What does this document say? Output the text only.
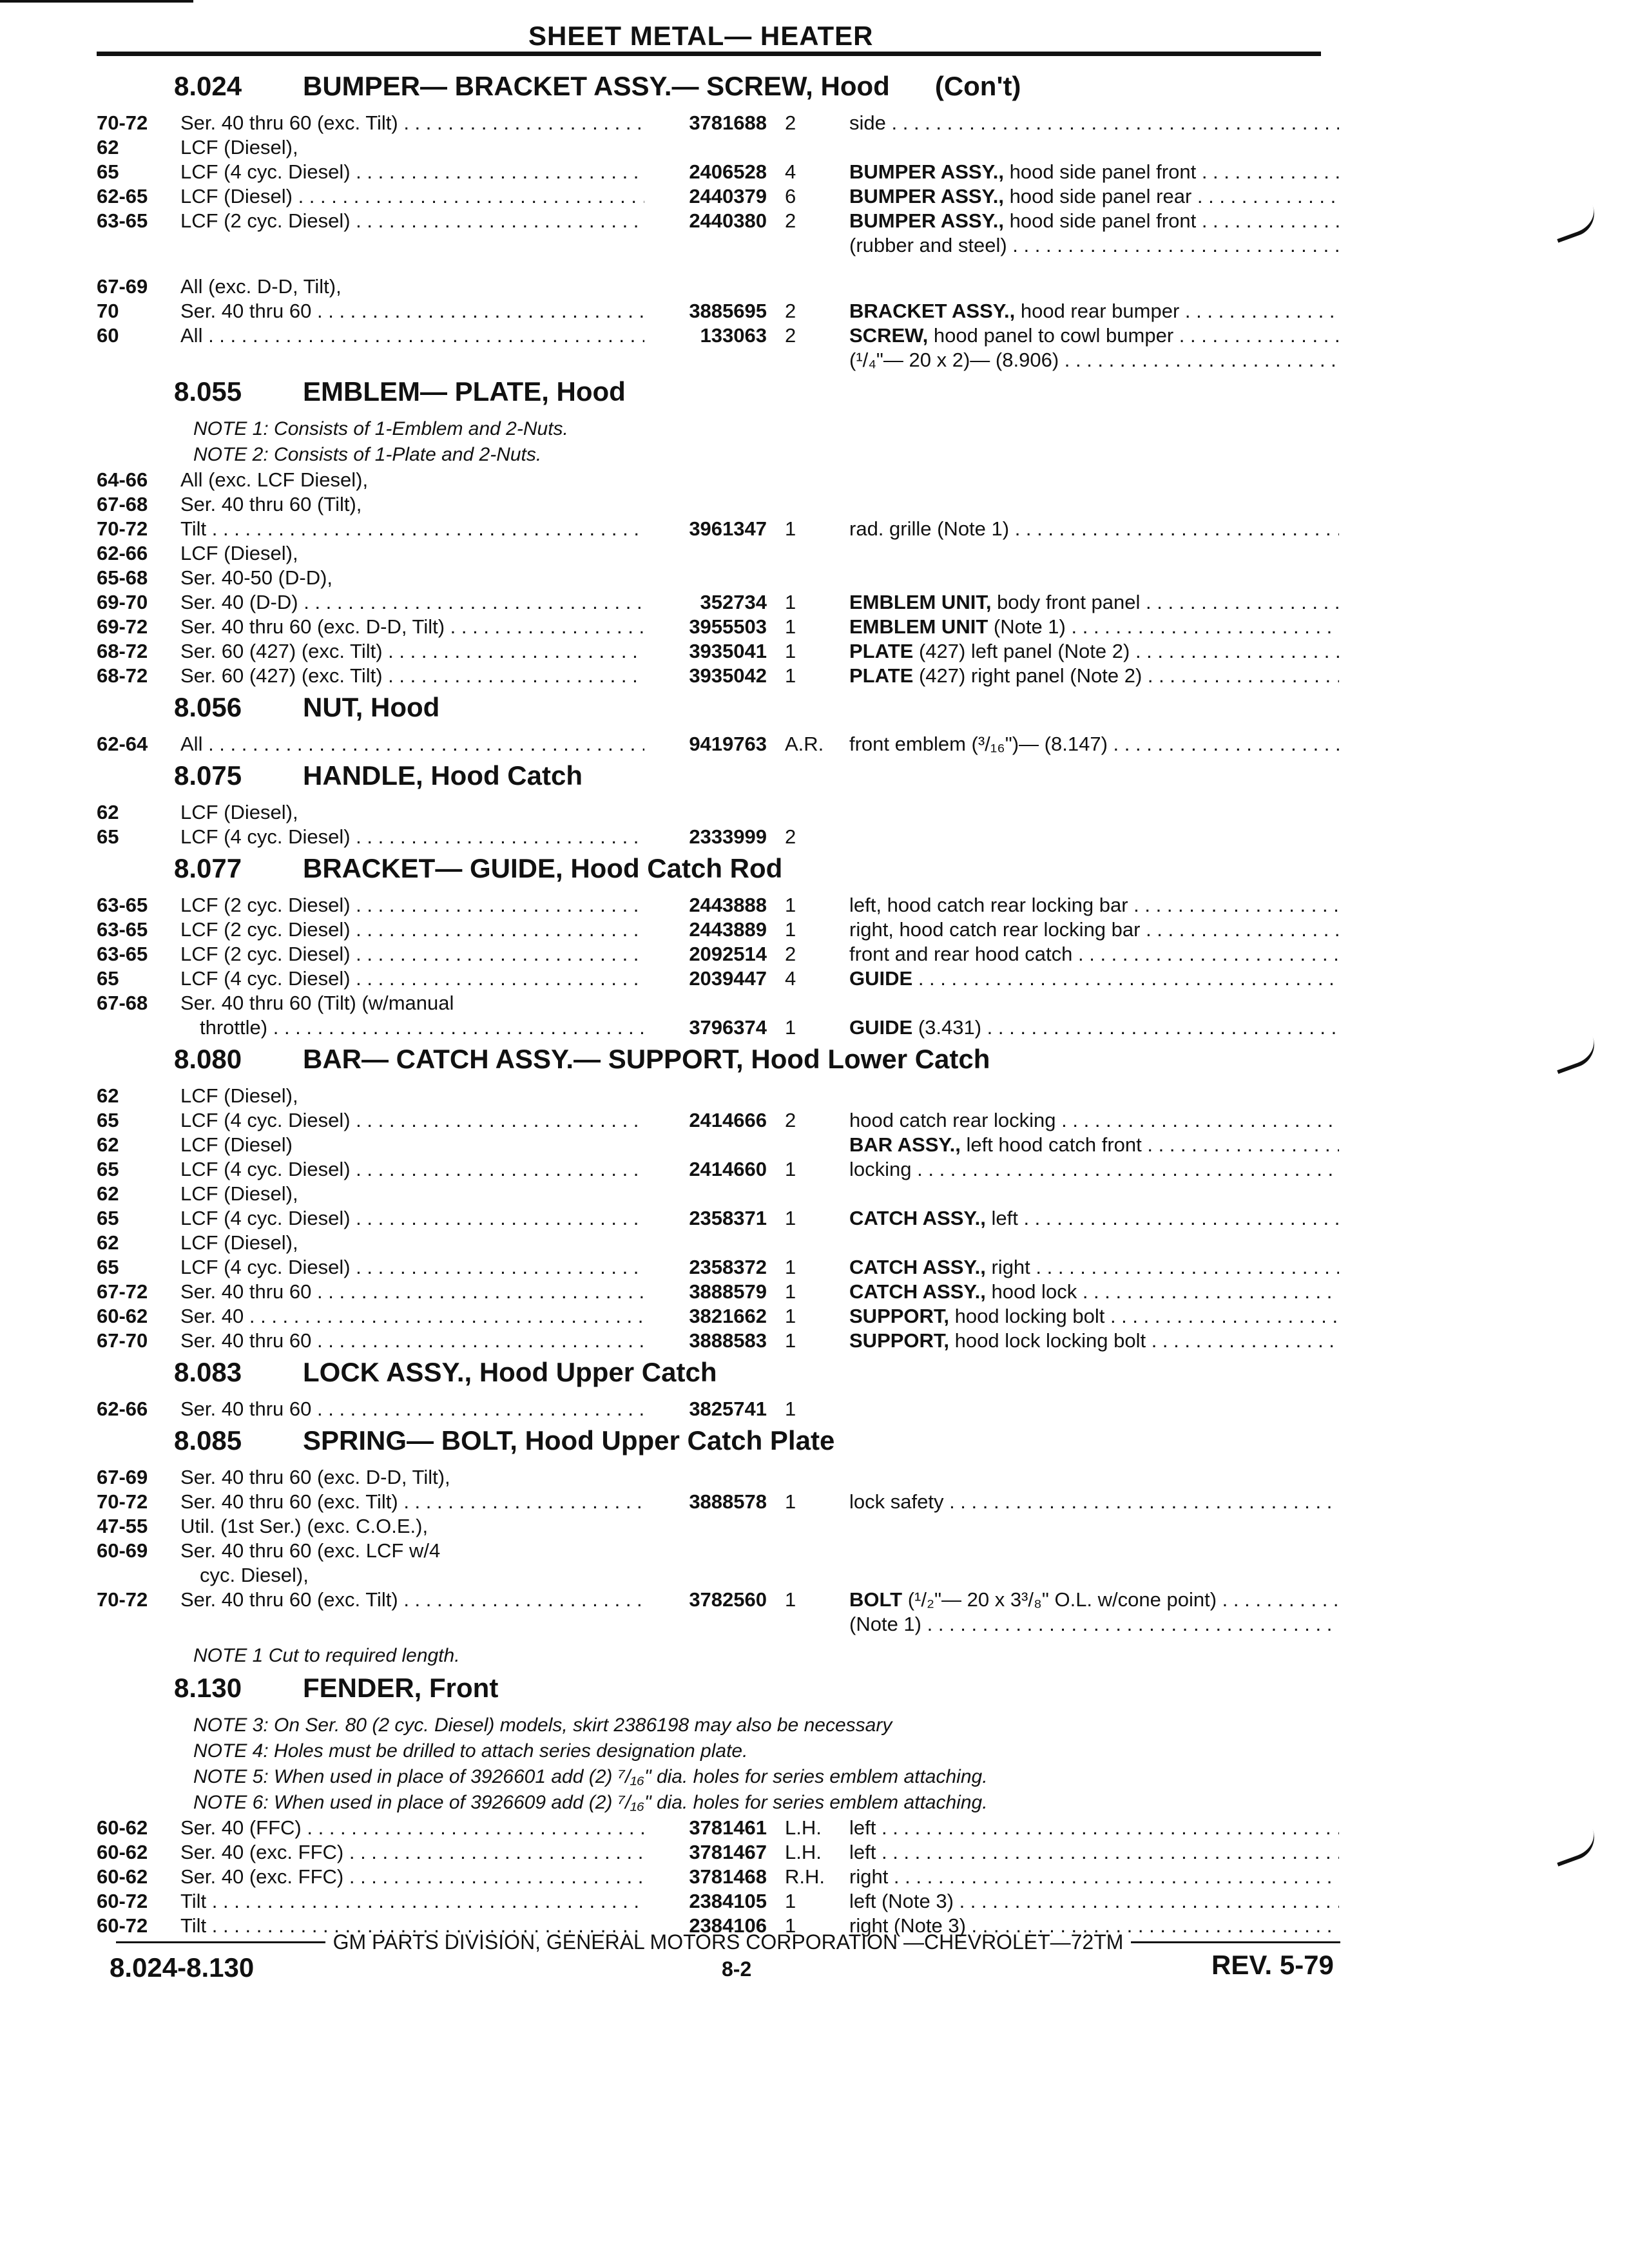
SHEET METAL— HEATER
8.024	BUMPER— BRACKET ASSY.— SCREW, Hood (Con't)
70-72	Ser. 40 thru 60 (exc. Tilt) . . .	3781688 2	side . . .
62	LCF (Diesel),
65	LCF (4 cyc. Diesel) . . .	2406528 4	BUMPER ASSY., hood side panel front . . .
62-65	LCF (Diesel) . . .	2440379 6	BUMPER ASSY., hood side panel rear . . .
63-65	LCF (2 cyc. Diesel) . . .	2440380 2	BUMPER ASSY., hood side panel front . . .
(rubber and steel) . . .
67-69	All (exc. D-D, Tilt),
70	Ser. 40 thru 60 . . .	3885695 2	BRACKET ASSY., hood rear bumper . . .
60	All . . .	133063 2	SCREW, hood panel to cowl bumper . . .
(¹/₄"— 20 x 2)— (8.906) . . .
8.055	EMBLEM— PLATE, Hood
NOTE 1: Consists of 1-Emblem and 2-Nuts.
NOTE 2: Consists of 1-Plate and 2-Nuts.
64-66	All (exc. LCF Diesel),
67-68	Ser. 40 thru 60 (Tilt),
70-72	Tilt . . .	3961347 1	rad. grille (Note 1) . . .
62-66	LCF (Diesel),
65-68	Ser. 40-50 (D-D),
69-70	Ser. 40 (D-D) . . .	352734 1	EMBLEM UNIT, body front panel . . .
69-72	Ser. 40 thru 60 (exc. D-D, Tilt) . . .	3955503 1	EMBLEM UNIT (Note 1) . . .
68-72	Ser. 60 (427) (exc. Tilt) . . .	3935041 1	PLATE (427) left panel (Note 2) . . .
68-72	Ser. 60 (427) (exc. Tilt) . . .	3935042 1	PLATE (427) right panel (Note 2) . . .
8.056	NUT, Hood
62-64	All . . .	9419763 A.R.	front emblem (³/₁₆")— (8.147) . . .
8.075	HANDLE, Hood Catch
62	LCF (Diesel),
65	LCF (4 cyc. Diesel) . . .	2333999 2
8.077	BRACKET— GUIDE, Hood Catch Rod
63-65	LCF (2 cyc. Diesel) . . .	2443888 1	left, hood catch rear locking bar . . .
63-65	LCF (2 cyc. Diesel) . . .	2443889 1	right, hood catch rear locking bar . . .
63-65	LCF (2 cyc. Diesel) . . .	2092514 2	front and rear hood catch . . .
65	LCF (4 cyc. Diesel) . . .	2039447 4	GUIDE . . .
67-68	Ser. 40 thru 60 (Tilt) (w/manual
throttle) . . .	3796374 1	GUIDE (3.431) . . .
8.080	BAR— CATCH ASSY.— SUPPORT, Hood Lower Catch
62	LCF (Diesel),
65	LCF (4 cyc. Diesel) . . .	2414666 2	hood catch rear locking . . .
62	LCF (Diesel)	BAR ASSY., left hood catch front . . .
65	LCF (4 cyc. Diesel) . . .	2414660 1	locking . . .
62	LCF (Diesel),
65	LCF (4 cyc. Diesel) . . .	2358371 1	CATCH ASSY., left . . .
62	LCF (Diesel),
65	LCF (4 cyc. Diesel) . . .	2358372 1	CATCH ASSY., right . . .
67-72	Ser. 40 thru 60 . . .	3888579 1	CATCH ASSY., hood lock . . .
60-62	Ser. 40 . . .	3821662 1	SUPPORT, hood locking bolt . . .
67-70	Ser. 40 thru 60 . . .	3888583 1	SUPPORT, hood lock locking bolt . . .
8.083	LOCK ASSY., Hood Upper Catch
62-66	Ser. 40 thru 60 . . .	3825741 1
8.085	SPRING— BOLT, Hood Upper Catch Plate
67-69	Ser. 40 thru 60 (exc. D-D, Tilt),
70-72	Ser. 40 thru 60 (exc. Tilt) . . .	3888578 1	lock safety . . .
47-55	Util. (1st Ser.) (exc. C.O.E.),
60-69	Ser. 40 thru 60 (exc. LCF w/4
cyc. Diesel),
70-72	Ser. 40 thru 60 (exc. Tilt) . . .	3782560 1	BOLT (¹/₂"— 20 x 3³/₈" O.L. w/cone point) . . .
(Note 1) . . .
NOTE 1 Cut to required length.
8.130	FENDER, Front
NOTE 3: On Ser. 80 (2 cyc. Diesel) models, skirt 2386198 may also be necessary
NOTE 4: Holes must be drilled to attach series designation plate.
NOTE 5: When used in place of 3926601 add (2) ⁷/₁₆" dia. holes for series emblem attaching.
NOTE 6: When used in place of 3926609 add (2) ⁷/₁₆" dia. holes for series emblem attaching.
60-62	Ser. 40 (FFC) . . .	3781461 L.H.	left . . .
60-62	Ser. 40 (exc. FFC) . . .	3781467 L.H.	left . . .
60-62	Ser. 40 (exc. FFC) . . .	3781468 R.H.	right . . .
60-72	Tilt . . .	2384105 1	left (Note 3) . . .
60-72	Tilt . . .	2384106 1	right (Note 3) . . .
GM PARTS DIVISION, GENERAL MOTORS CORPORATION —CHEVROLET—72TM
8.024-8.130	8-2	REV. 5-79
